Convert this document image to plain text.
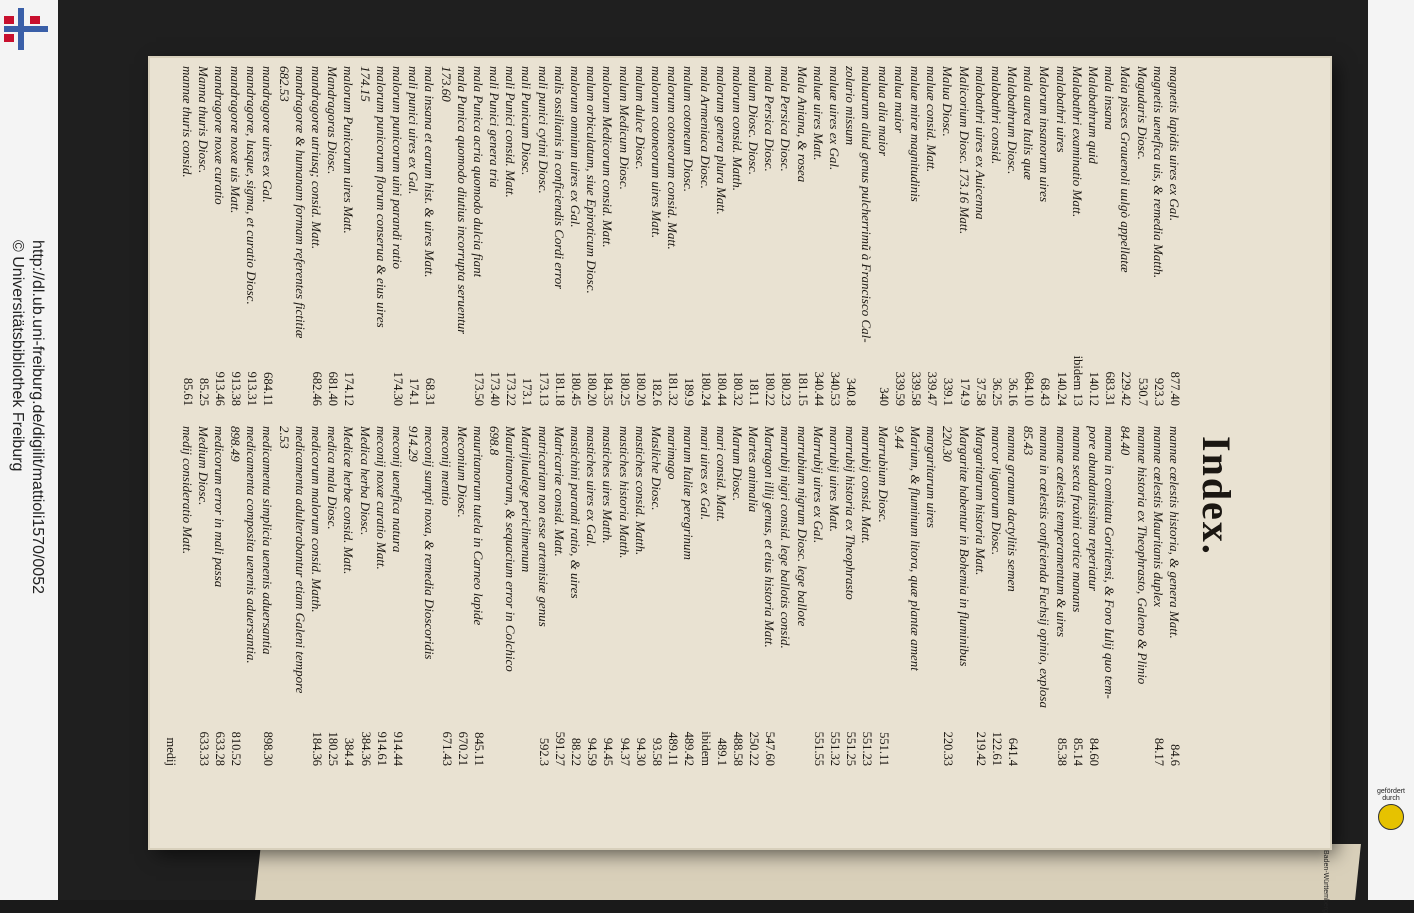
http://dl.ub.uni-freiburg.de/digilit/mattioli1570/0052
© Universitätsbibliothek Freiburg
Index.
magnetis lapidis uires ex Gal.
877.40
magnetis uenefica uis, & remedia Matth.
923.3
Magudaris Diosc.
530.7
Maia pisces Grauenoli uulgò appellatæ
229.42
mala insana
683.31
Malabathrum quid
140.12
Malabathri examinatio Matt.
ibidem 13
malabathri uires
140.24
Malorum insanorum uires
68.43
mala aurea Italis quæ
684.10
Malabathrum Diosc.
36.16
malabathri consid.
36.25
malabathri uires ex Auicenna
37.58
Malicorium Diosc. 173.16 Matt.
174.9
Malua Diosc.
339.1
maluæ consid. Matt.
339.47
maluæ miræ magnitudinis
339.58
malua maior
339.59
malua alia maior
340
maluarum aliud genus pulcherrimũ à Francisco Cal-
zolario missum
340.8
maluæ uires ex Gal.
340.53
maluæ uires Matt.
340.44
Mala Aniana, & rosea
181.15
mala Persica Diosc.
180.23
mala Persica Diosc.
180.22
malum Diosc. Diosc.
181.1
malorum consid. Matth.
180.32
malorum genera plura Matt.
180.44
mala Armeniaca Diosc.
180.24
malum cotoneum Diosc.
189.9
malorum cotoneorum consid. Matt.
181.32
malorum cotoneorum uires Matt.
182.6
malum dulce Diosc.
180.20
malum Medicum Diosc.
180.25
malorum Medicorum consid. Matt.
184.35
malum orbiculatum, siue Epiroticum Diosc.
180.20
malorum omnium uires ex Gal.
180.45
malis ossilianis in conficiendis Cordi error
181.18
mali punici cytini Diosc.
173.13
mali Punicum Diosc.
173.1
mali Punici consid. Matt.
173.22
mali Punici genera tria
173.40
mala Punica acria quomodo dulcia fiant
173.50
mala Punica quomodo diutius incorrupta seruentur
173.60
mala insana et earum hist. & uires Matt.
68.31
mali punici uires ex Gal.
174.1
malorum punicorum uini parandi ratio
174.30
malorum punicorum florum conserua & eius uires
174.15
malorum Punicorum uires Matt.
174.12
Mandragoras Diosc.
681.40
mandragoræ utriusq; consid. Matt.
682.46
mandragoræ & humanam formam referentes fictitiæ
682.53
mandragoræ uires ex Gal.
684.11
mandragoræ, lusque, sigma, et curatio Diosc.
913.31
mandragoræ noxæ uis Matt.
913.38
mandragoræ noxæ curatio
913.46
Manna thuris Diosc.
85.25
mannæ thuris consid.
85.61
mannæ cœlestis historia, & genera Matt.
84.6
mannæ cœlestis Mauritanis duplex
84.17
mannæ historia ex Theophrasto, Galeno & Plinio
84.40
manna in comitatu Goritiensi, & Foro Iulij quo tem-
pore abundantissima reperiatur
84.60
manna secta fraxini cortice manans
85.14
mannæ cœlestis temperamentum & uires
85.38
manna in cœlestis conficienda Fuchsij opinio, explosa
85.43
manna granum dactylitis semen
641.4
marcor ligatorum Diosc.
122.61
Margaritarum historia Matt.
219.42
Margaritæ habentur in Bohemia in fluminibus
220.30
220.33
margaritarum uires
Marium, & fluminum litora, quæ plantæ ament
9.44
Marrubium Diosc.
551.11
marrubij consid. Matt.
551.23
marrubij historia ex Theophrasto
551.25
marrubij uires Matt.
551.32
Marrubij uires ex Gal.
551.55
marrubium nigrum Diosc. lege ballote
marrubij nigri consid. lege ballotis consid.
Martagon illij genus, et eius historia Matt.
547.60
Martes animalia
250.22
Marum Diosc.
488.58
mari consid. Matt.
489.1
mari uires ex Gal.
ibidem
marum Italiæ peregrinum
489.42
marimago
489.11
Masliche Diosc.
93.58
mastiches consid. Matth.
94.30
mastiches historia Matth.
94.37
mastiches uires Matth.
94.45
mastiches uires ex Gal.
94.59
mastichini parandi ratio, & uires
88.22
Matricariæ consid. Matt.
591.27
matricariam non esse artemisiæ genus
592.3
Matrijlualege periclimenum
Mauritanorum, & sequacium error in Colchico
698.8
mauritanorum tutela in Carneo lapide
845.11
Meconium Diosc.
670.21
meconij mentio
671.43
meconij sumpti noxa, & remedia Dioscoridis
914.29
meconij uenefica natura
914.44
meconij noxæ curatio Matt.
914.61
Medica herba Diosc.
384.36
Medicæ herbæ consid. Matt.
384.4
medica mala Diosc.
180.25
medicorum malorum consid. Matth.
184.36
medicamenta adulterabantur etiam Galeni tempore
2.53
medicamenta simplicia uenenis aduersantia
898.30
medicamenta composita uenenis aduersantia.
898.49
810.52
medicorum error in mali passa
633.28
Medium Diosc.
633.33
medij consideratio Matt.
medij
gefördert durch
Baden-Württemberg
